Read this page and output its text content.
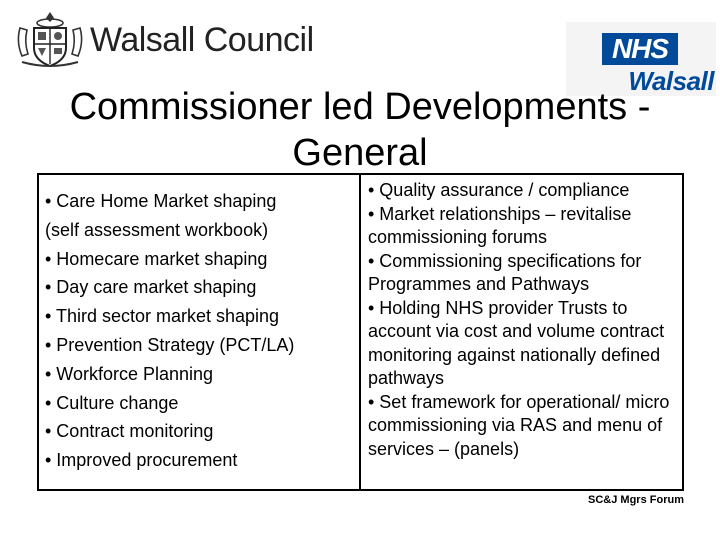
Walsall Council	NHS
Walsall
Commissioner led Developments -
General
• Care Home Market shaping
(self assessment workbook)
• Homecare market shaping
• Day care market shaping
• Third sector market shaping
• Prevention Strategy (PCT/LA)
• Workforce Planning
• Culture change
• Contract monitoring
• Improved procurement
• Quality assurance / compliance
• Market relationships – revitalise commissioning forums
• Commissioning specifications for Programmes and Pathways
• Holding NHS provider Trusts to account via cost and volume contract monitoring against nationally defined pathways
• Set framework for operational/ micro commissioning via RAS and menu of services – (panels)
SC&J Mgrs Forum
